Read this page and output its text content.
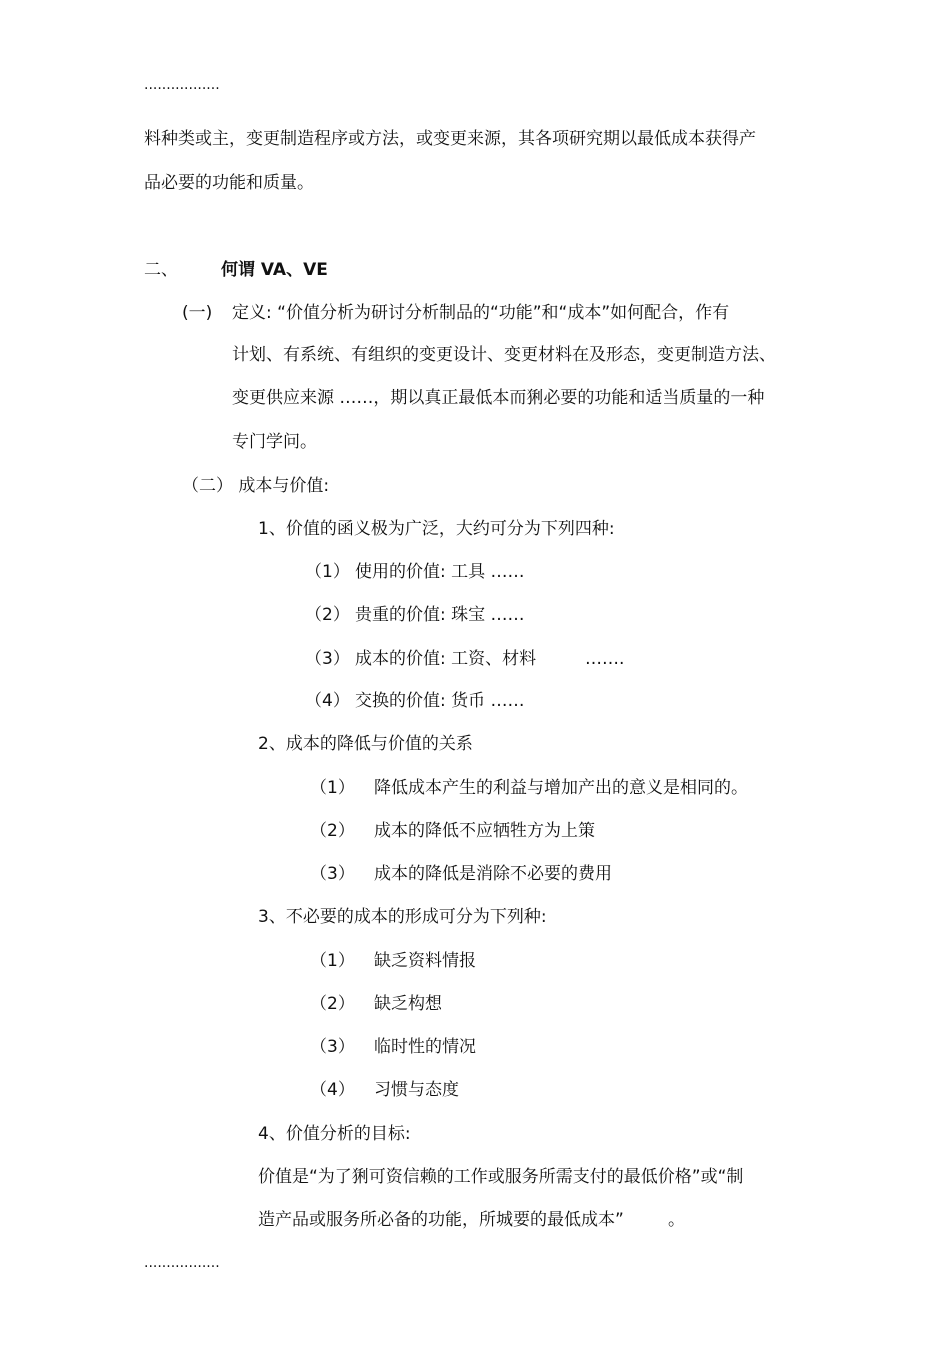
.................
料种类或主，变更制造程序或方法，或变更来源，其各项研究期以最低成本获得产
品必要的功能和质量。
二、	何谓 VA、VE
(一) 定义: “价值分析为研讨分析制品的“功能”和“成本”如何配合，作有
计划、有系统、有组织的变更设计、变更材料在及形态，变更制造方法、
变更供应来源 ……，期以真正最低本而猁必要的功能和适当质量的一种
专门学问。
（二） 成本与价值:
1、价值的函义极为广泛，大约可分为下列四种:
（1） 使用的价值: 工具 ……
（2） 贵重的价值: 珠宝 ……
（3） 成本的价值: 工资、材料	…….
（4） 交换的价值: 货币 ……
2、成本的降低与价值的关系
（1） 降低成本产生的利益与增加产出的意义是相同的。
（2） 成本的降低不应牺牲方为上策
（3） 成本的降低是消除不必要的费用
3、不必要的成本的形成可分为下列种:
（1） 缺乏资料情报
（2） 缺乏构想
（3） 临时性的情况
（4） 习惯与态度
4、价值分析的目标:
价值是“为了猁可资信赖的工作或服务所需支付的最低价格”或“制
造产品或服务所必备的功能，所城要的最低成本”	。
.................
